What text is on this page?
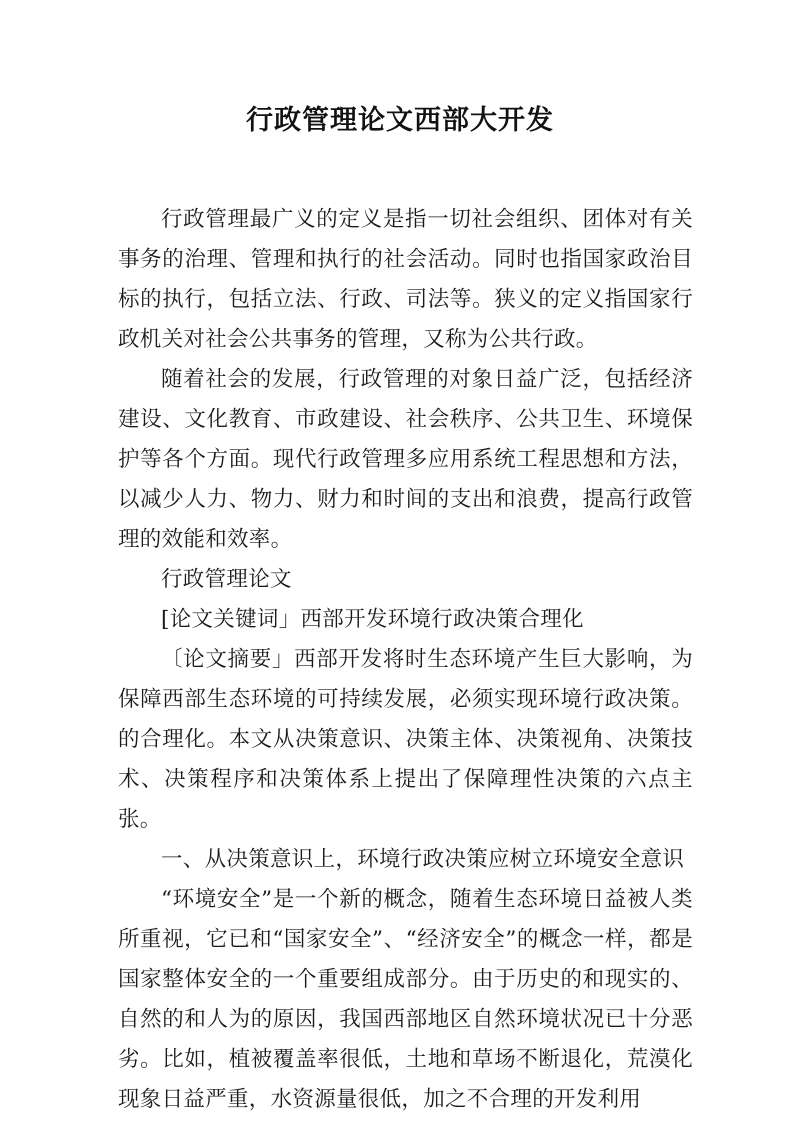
行政管理论文西部大开发

行政管理最广义的定义是指一切社会组织、团体对有关事务的治理、管理和执行的社会活动。同时也指国家政治目标的执行，包括立法、行政、司法等。狭义的定义指国家行政机关对社会公共事务的管理，又称为公共行政。

随着社会的发展，行政管理的对象日益广泛，包括经济建设、文化教育、市政建设、社会秩序、公共卫生、环境保护等各个方面。现代行政管理多应用系统工程思想和方法，以减少人力、物力、财力和时间的支出和浪费，提高行政管理的效能和效率。

行政管理论文

[论文关键词」西部开发环境行政决策合理化

〔论文摘要」西部开发将时生态环境产生巨大影响，为保障西部生态环境的可持续发展，必须实现环境行政决策。的合理化。本文从决策意识、决策主体、决策视角、决策技术、决策程序和决策体系上提出了保障理性决策的六点主张。

一、从决策意识上，环境行政决策应树立环境安全意识

“环境安全”是一个新的概念，随着生态环境日益被人类所重视，它已和“国家安全”、“经济安全”的概念一样，都是国家整体安全的一个重要组成部分。由于历史的和现实的、自然的和人为的原因，我国西部地区自然环境状况已十分恶劣。比如，植被覆盖率很低，土地和草场不断退化，荒漠化现象日益严重，水资源量很低，加之不合理的开发利用
